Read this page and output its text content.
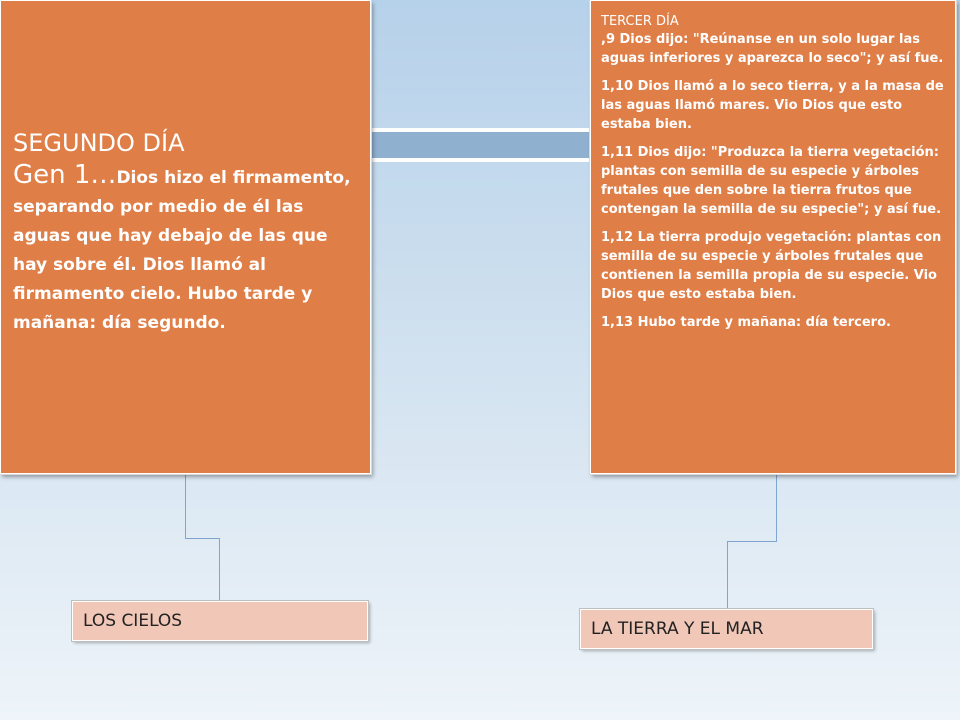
SEGUNDO DÍA
Gen 1…Dios hizo el firmamento, separando por medio de él las aguas que hay debajo de las que hay sobre él. Dios llamó al firmamento cielo. Hubo tarde y mañana: día segundo.
TERCER DÍA

,9 Dios dijo: "Reúnanse en un solo lugar las aguas inferiores y aparezca lo seco"; y así fue.

1,10 Dios llamó a lo seco tierra, y a la masa de las aguas llamó mares. Vio Dios que esto estaba bien.

1,11 Dios dijo: "Produzca la tierra vegetación: plantas con semilla de su especie y árboles frutales que den sobre la tierra frutos que contengan la semilla de su especie"; y así fue.

1,12 La tierra produjo vegetación: plantas con semilla de su especie y árboles frutales que contienen la semilla propia de su especie. Vio Dios que esto estaba bien.

1,13 Hubo tarde y mañana: día tercero.

LOS CIELOS	LA TIERRA Y EL MAR
